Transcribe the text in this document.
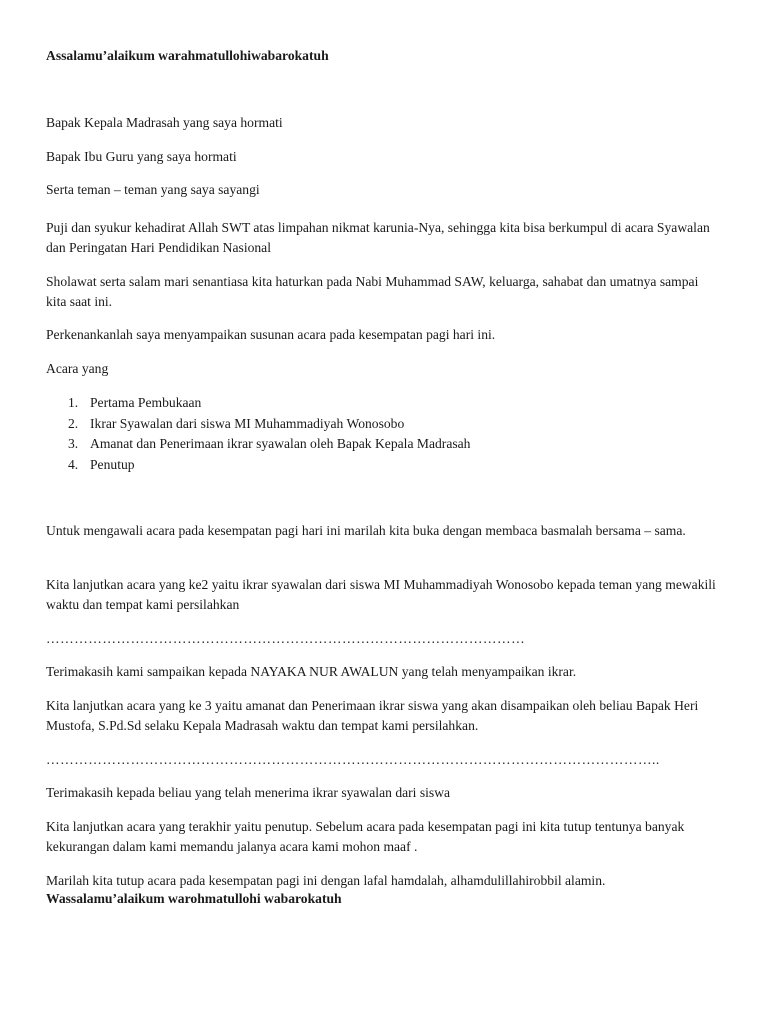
Assalamu’alaikum warahmatullohiwabarokatuh

Bapak Kepala Madrasah yang saya hormati

Bapak Ibu Guru yang saya hormati

Serta teman – teman yang saya sayangi

Puji dan syukur kehadirat Allah SWT atas limpahan nikmat karunia-Nya, sehingga kita bisa berkumpul di acara Syawalan dan Peringatan Hari Pendidikan Nasional

Sholawat serta salam mari senantiasa kita haturkan pada Nabi Muhammad SAW, keluarga, sahabat dan umatnya sampai kita saat ini.

Perkenankanlah saya menyampaikan susunan acara pada kesempatan pagi hari ini.

Acara yang

1. Pertama Pembukaan
2. Ikrar Syawalan dari siswa MI Muhammadiyah Wonosobo
3. Amanat dan Penerimaan ikrar syawalan oleh Bapak Kepala Madrasah
4. Penutup

Untuk mengawali acara pada kesempatan pagi hari ini marilah kita buka dengan membaca basmalah bersama – sama.

Kita lanjutkan acara yang ke2 yaitu ikrar syawalan dari siswa MI Muhammadiyah Wonosobo kepada teman yang mewakili waktu dan tempat kami persilahkan

…………………………………………………………………………………………

Terimakasih kami sampaikan kepada NAYAKA NUR AWALUN yang telah menyampaikan ikrar.

Kita lanjutkan acara yang ke 3 yaitu amanat dan Penerimaan ikrar siswa yang akan disampaikan oleh beliau Bapak Heri Mustofa, S.Pd.Sd selaku Kepala Madrasah waktu dan tempat kami persilahkan.

…………………………………………………………………………………………………………………..

Terimakasih kepada beliau yang telah menerima ikrar syawalan dari siswa

Kita lanjutkan acara yang terakhir yaitu penutup. Sebelum acara pada kesempatan pagi ini kita tutup tentunya banyak kekurangan dalam kami memandu jalanya acara kami mohon maaf .

Marilah kita tutup acara pada kesempatan pagi ini dengan lafal hamdalah, alhamdulillahirobbil alamin.

Wassalamu’alaikum warohmatullohi wabarokatuh
